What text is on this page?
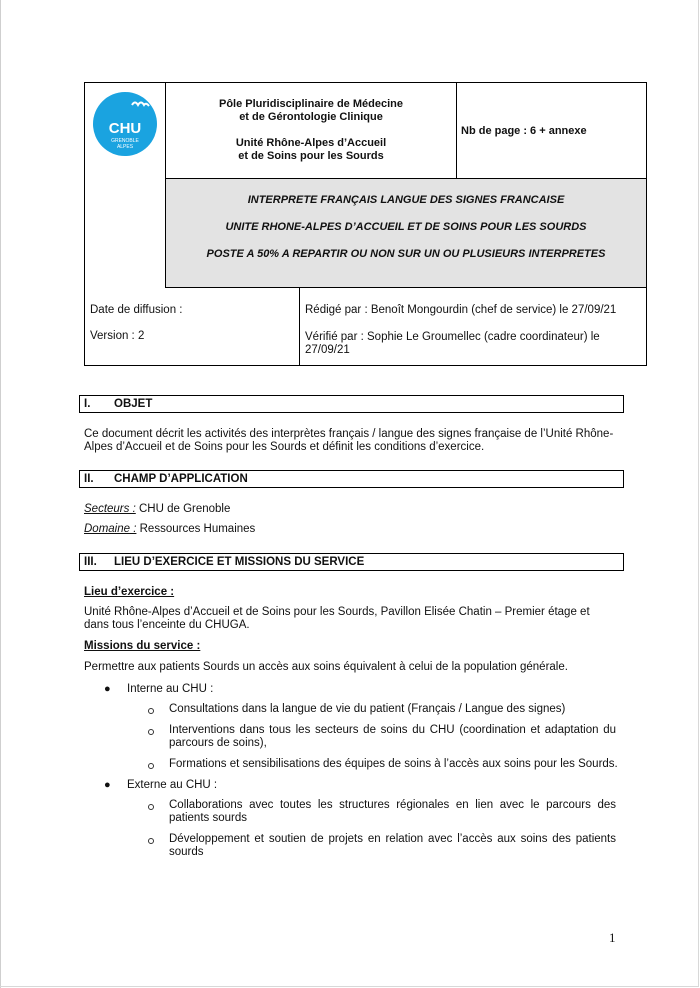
CHU
GRENOBLE
ALPES
Pôle Pluridisciplinaire de Médecine
et de Gérontologie Clinique
Unité Rhône-Alpes d’Accueil
et de Soins pour les Sourds
Nb de page : 6 + annexe
INTERPRETE FRANÇAIS LANGUE DES SIGNES FRANCAISE
UNITE RHONE-ALPES D’ACCUEIL ET DE SOINS POUR LES SOURDS
POSTE A 50% A REPARTIR OU NON SUR UN OU PLUSIEURS INTERPRETES
Date de diffusion :
Version : 2
Rédigé par : Benoît Mongourdin (chef de service) le 27/09/21
Vérifié par : Sophie Le Groumellec (cadre coordinateur) le
27/09/21
I. OBJET
Ce document décrit les activités des interprètes français / langue des signes française de l’Unité Rhône-
Alpes d’Accueil et de Soins pour les Sourds et définit les conditions d’exercice.
II. CHAMP D’APPLICATION
Secteurs : CHU de Grenoble
Domaine : Ressources Humaines
III. LIEU D’EXERCICE ET MISSIONS DU SERVICE
Lieu d’exercice :
Unité Rhône-Alpes d’Accueil et de Soins pour les Sourds, Pavillon Elisée Chatin – Premier étage et
dans tous l’enceinte du CHUGA.
Missions du service :
Permettre aux patients Sourds un accès aux soins équivalent à celui de la population générale.
● Interne au CHU :
Consultations dans la langue de vie du patient (Français / Langue des signes)
Interventions dans tous les secteurs de soins du CHU (coordination et adaptation du
parcours de soins),
Formations et sensibilisations des équipes de soins à l’accès aux soins pour les Sourds.
● Externe au CHU :
Collaborations avec toutes les structures régionales en lien avec le parcours des
patients sourds
Développement et soutien de projets en relation avec l’accès aux soins des patients
sourds
1
